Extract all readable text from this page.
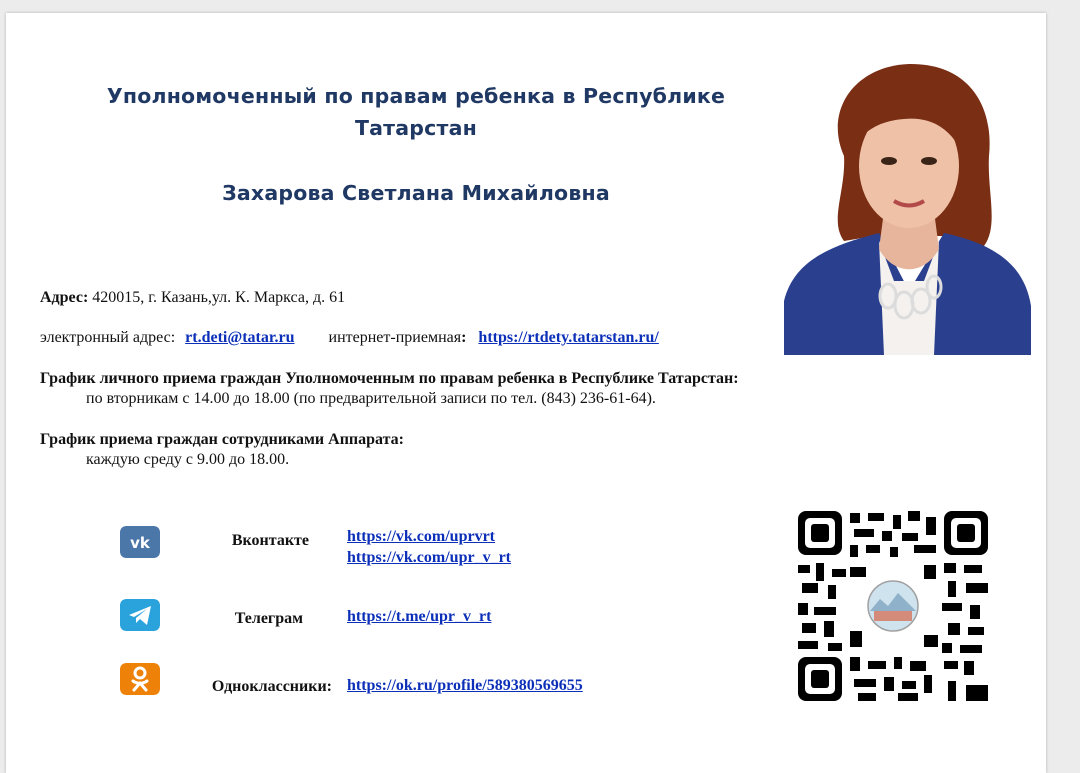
Уполномоченный по правам ребенка в Республике
Татарстан
Захарова Светлана Михайловна
Адрес: 420015, г. Казань,ул. К. Маркса, д. 61
электронный адрес: rt.deti@tatar.ru интернет-приемная: https://rtdety.tatarstan.ru/
График личного приема граждан Уполномоченным по правам ребенка в Республике Татарстан:
по вторникам с 14.00 до 18.00 (по предварительной записи по тел. (843) 236-61-64).
График приема граждан сотрудниками Аппарата:
каждую среду с 9.00 до 18.00.
vk	Вконтакте https://vk.com/uprvrt
https://vk.com/upr_v_rt
Телеграм	https://t.me/upr_v_rt
Одноклассники: https://ok.ru/profile/589380569655
